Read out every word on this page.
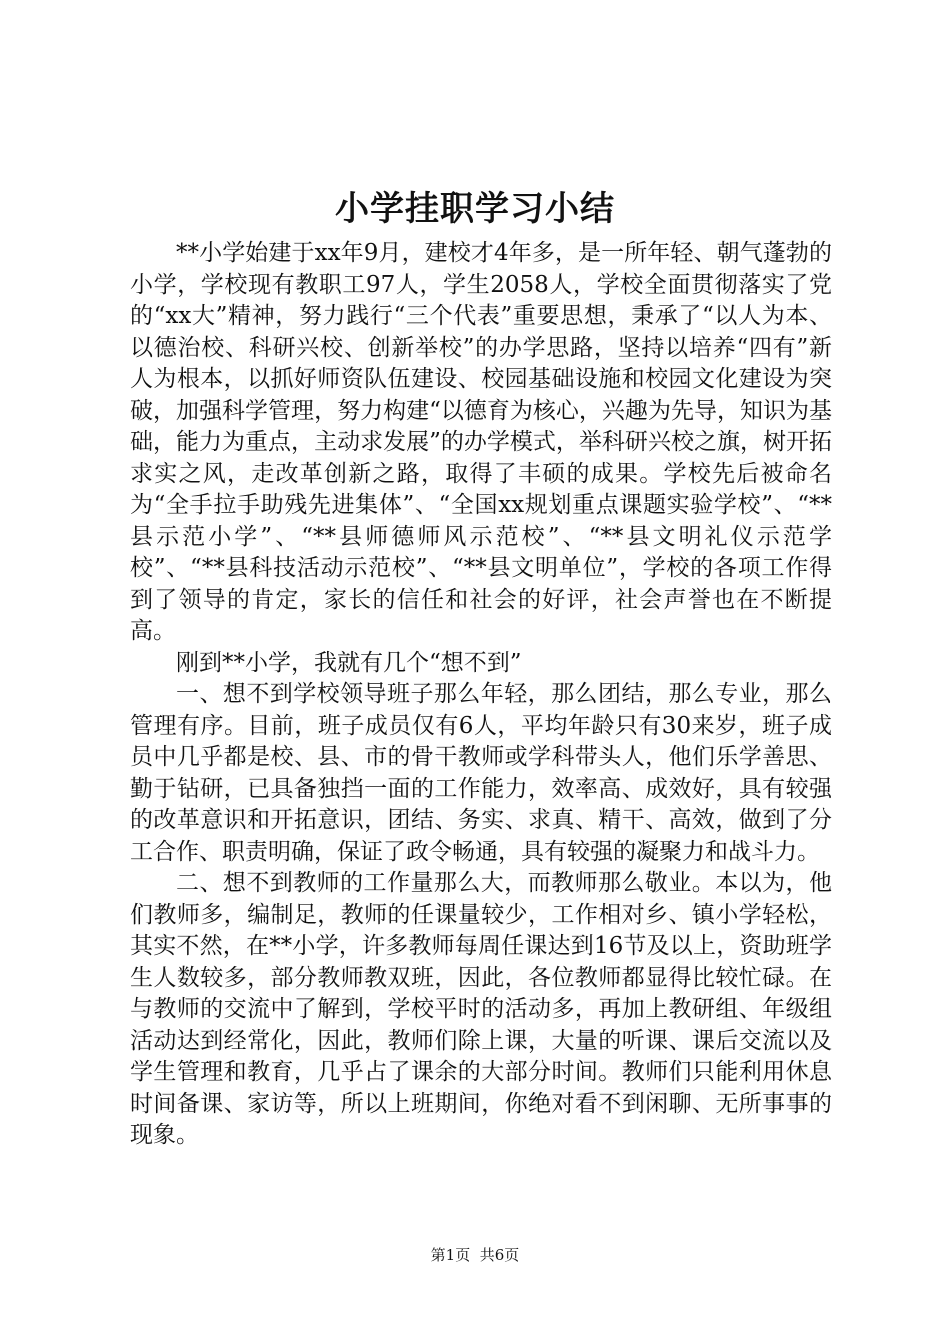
小学挂职学习小结

**小学始建于xx年9月，建校才4年多，是一所年轻、朝气蓬勃的小学，学校现有教职工97人，学生2058人，学校全面贯彻落实了党的“xx大”精神，努力践行“三个代表”重要思想，秉承了“以人为本、以德治校、科研兴校、创新举校”的办学思路，坚持以培养“四有”新人为根本，以抓好师资队伍建设、校园基础设施和校园文化建设为突破，加强科学管理，努力构建“以德育为核心，兴趣为先导，知识为基础，能力为重点，主动求发展”的办学模式，举科研兴校之旗，树开拓求实之风，走改革创新之路，取得了丰硕的成果。学校先后被命名为“全手拉手助残先进集体”、“全国xx规划重点课题实验学校”、“**县示范小学”、“**县师德师风示范校”、“**县文明礼仪示范学校”、“**县科技活动示范校”、“**县文明单位”，学校的各项工作得到了领导的肯定，家长的信任和社会的好评，社会声誉也在不断提高。

刚到**小学，我就有几个“想不到”

一、想不到学校领导班子那么年轻，那么团结，那么专业，那么管理有序。目前，班子成员仅有6人，平均年龄只有30来岁，班子成员中几乎都是校、县、市的骨干教师或学科带头人，他们乐学善思、勤于钻研，已具备独挡一面的工作能力，效率高、成效好，具有较强的改革意识和开拓意识，团结、务实、求真、精干、高效，做到了分工合作、职责明确，保证了政令畅通，具有较强的凝聚力和战斗力。

二、想不到教师的工作量那么大，而教师那么敬业。本以为，他们教师多，编制足，教师的任课量较少，工作相对乡、镇小学轻松，其实不然，在**小学，许多教师每周任课达到16节及以上，资助班学生人数较多，部分教师教双班，因此，各位教师都显得比较忙碌。在与教师的交流中了解到，学校平时的活动多，再加上教研组、年级组活动达到经常化，因此，教师们除上课，大量的听课、课后交流以及学生管理和教育，几乎占了课余的大部分时间。教师们只能利用休息时间备课、家访等，所以上班期间，你绝对看不到闲聊、无所事事的现象。

第1页 共6页
